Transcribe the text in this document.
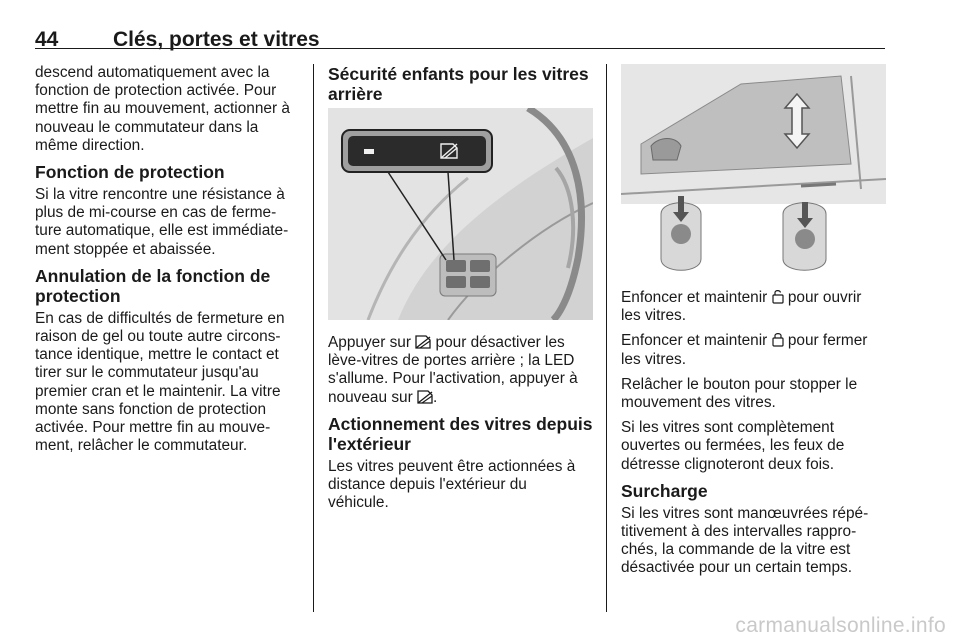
44	Clés, portes et vitres

descend automatiquement avec la
fonction de protection activée. Pour
mettre fin au mouvement, actionner à
nouveau le commutateur dans la
même direction.

Fonction de protection

Si la vitre rencontre une résistance à
plus de mi-course en cas de ferme-
ture automatique, elle est immédiate-
ment stoppée et abaissée.

Annulation de la fonction de
protection

En cas de difficultés de fermeture en
raison de gel ou toute autre circons-
tance identique, mettre le contact et
tirer sur le commutateur jusqu'au
premier cran et le maintenir. La vitre
monte sans fonction de protection
activée. Pour mettre fin au mouve-
ment, relâcher le commutateur.

Sécurité enfants pour les vitres
arrière

Appuyer sur  pour désactiver les
lève-vitres de portes arrière ; la LED
s'allume. Pour l'activation, appuyer à
nouveau sur .

Actionnement des vitres depuis
l'extérieur

Les vitres peuvent être actionnées à
distance depuis l'extérieur du
véhicule.

Enfoncer et maintenir  pour ouvrir
les vitres.

Enfoncer et maintenir  pour fermer
les vitres.

Relâcher le bouton pour stopper le
mouvement des vitres.

Si les vitres sont complètement
ouvertes ou fermées, les feux de
détresse clignoteront deux fois.

Surcharge

Si les vitres sont manœuvrées répé-
titivement à des intervalles rappro-
chés, la commande de la vitre est
désactivée pour un certain temps.

carmanualsonline.info
